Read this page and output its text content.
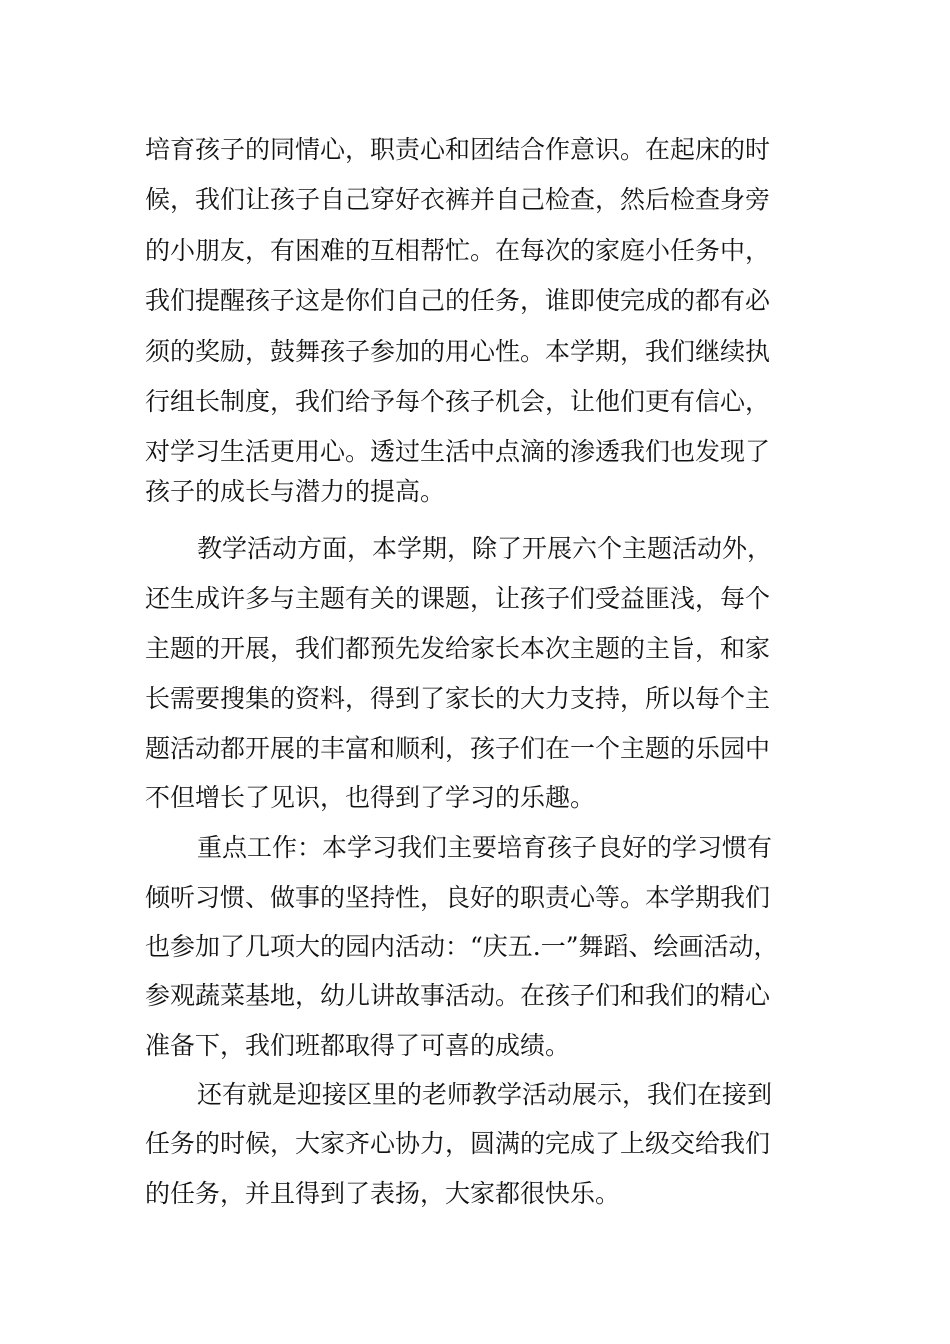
培育孩子的同情心，职责心和团结合作意识。在起床的时
候，我们让孩子自己穿好衣裤并自己检查，然后检查身旁
的小朋友，有困难的互相帮忙。在每次的家庭小任务中，
我们提醒孩子这是你们自己的任务，谁即使完成的都有必
须的奖励，鼓舞孩子参加的用心性。本学期，我们继续执
行组长制度，我们给予每个孩子机会，让他们更有信心，
对学习生活更用心。透过生活中点滴的渗透我们也发现了
孩子的成长与潜力的提高。
教学活动方面，本学期，除了开展六个主题活动外，
还生成许多与主题有关的课题，让孩子们受益匪浅，每个
主题的开展，我们都预先发给家长本次主题的主旨，和家
长需要搜集的资料，得到了家长的大力支持，所以每个主
题活动都开展的丰富和顺利，孩子们在一个主题的乐园中
不但增长了见识，也得到了学习的乐趣。
重点工作：本学习我们主要培育孩子良好的学习惯有
倾听习惯、做事的坚持性，良好的职责心等。本学期我们
也参加了几项大的园内活动：“庆五.一”舞蹈、绘画活动，
参观蔬菜基地，幼儿讲故事活动。在孩子们和我们的精心
准备下，我们班都取得了可喜的成绩。
还有就是迎接区里的老师教学活动展示，我们在接到
任务的时候，大家齐心协力，圆满的完成了上级交给我们
的任务，并且得到了表扬，大家都很快乐。
